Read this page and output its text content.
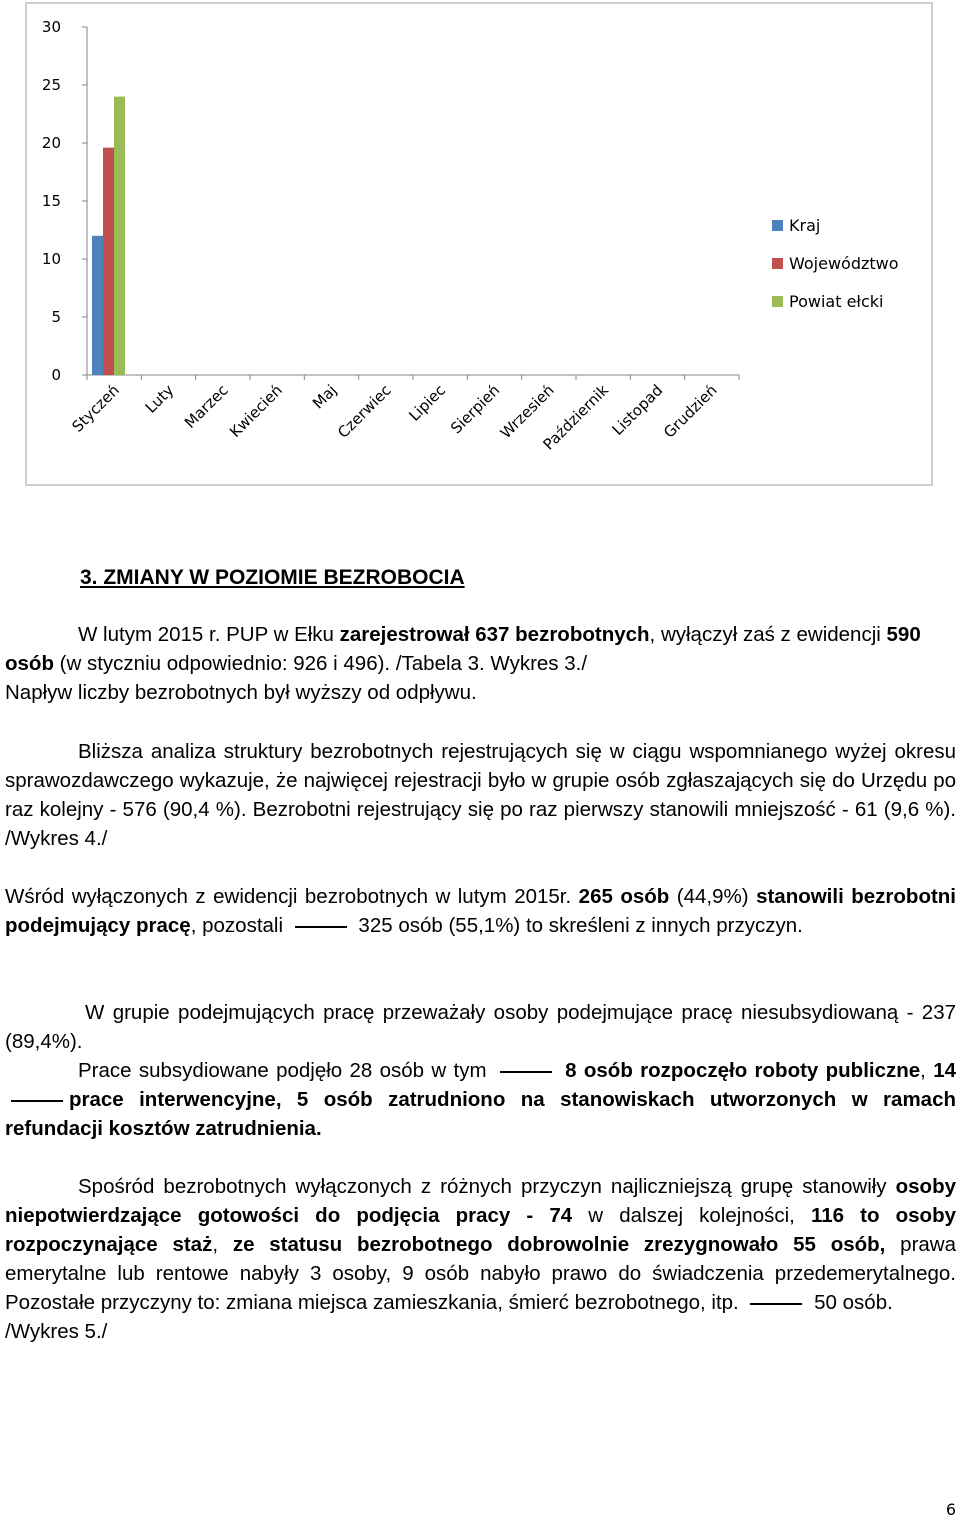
0
5
10
15
20
25
30
Styczeń Luty Marzec
Kwiecień Maj
Czerwiec Lipiec
Sierpień
Wrzesień
Październik
Listopad
Grudzień
Kraj
Województwo
Powiat ełcki
3. ZMIANY W POZIOMIE BEZROBOCIA

W lutym 2015 r. PUP w Ełku zarejestrował 637 bezrobotnych, wyłączył zaś z ewidencji 590 osób (w styczniu odpowiednio: 926 i 496). /Tabela 3. Wykres 3./
Napływ liczby bezrobotnych był wyższy od odpływu.

Bliższa analiza struktury bezrobotnych rejestrujących się w ciągu wspomnianego wyżej okresu sprawozdawczego wykazuje, że najwięcej rejestracji było w grupie osób zgłaszających się do Urzędu po raz kolejny - 576 (90,4 %). Bezrobotni rejestrujący się po raz pierwszy stanowili mniejszość - 61 (9,6 %). /Wykres 4./

Wśród wyłączonych z ewidencji bezrobotnych w lutym 2015r. 265 osób (44,9%) stanowili bezrobotni podejmujący pracę, pozostali	325 osób (55,1%) to skreśleni z innych przyczyn.

W grupie podejmujących pracę przeważały osoby podejmujące pracę niesubsydiowaną - 237 (89,4%).

Prace subsydiowane podjęło 28 osób w tym	8 osób rozpoczęło roboty publiczne, 14prace interwencyjne, 5 osób zatrudniono na stanowiskach utworzonych w ramach refundacji kosztów zatrudnienia.

Spośród bezrobotnych wyłączonych z różnych przyczyn najliczniejszą grupę stanowiły osoby niepotwierdzające gotowości do podjęcia pracy - 74 w dalszej kolejności, 116 to osoby rozpoczynające staż, ze statusu bezrobotnego dobrowolnie zrezygnowało 55 osób, prawa emerytalne lub rentowe nabyły 3 osoby, 9 osób nabyło prawo do świadczenia przedemerytalnego. Pozostałe przyczyny to: zmiana miejsca zamieszkania, śmierć bezrobotnego, itp.	50 osób.
/Wykres 5./

6
